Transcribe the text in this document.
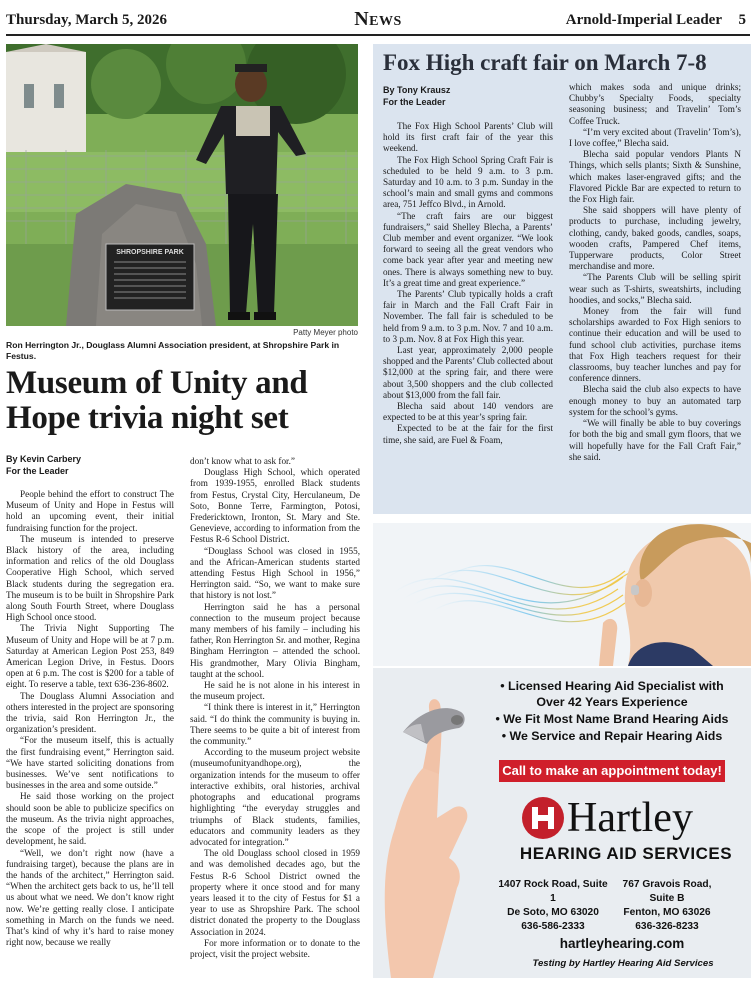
Thursday, March 5, 2026	News	Arnold-Imperial Leader 5
SHROPSHIRE PARK
Patty Meyer photo
Ron Herrington Jr., Douglass Alumni Association president, at Shropshire Park in Festus.
Museum of Unity and Hope trivia night set
By Kevin Carbery
For the Leader

People behind the effort to construct The Museum of Unity and Hope in Festus will hold an upcoming event, their initial fundraising function for the project.

The museum is intended to preserve Black history of the area, including information and relics of the old Douglass Cooperative High School, which served Black students during the segregation era. The museum is to be built in Shropshire Park along South Fourth Street, where Douglass High School once stood.

The Trivia Night Supporting The Museum of Unity and Hope will be at 7 p.m. Saturday at American Legion Post 253, 849 American Legion Drive, in Festus. Doors open at 6 p.m. The cost is $200 for a table of eight. To reserve a table, text 636-236-8602.

The Douglass Alumni Association and others interested in the project are sponsoring the trivia, said Ron Herrington Jr., the organization’s president.

“For the museum itself, this is actually the first fundraising event,” Herrington said. “We have started soliciting donations from businesses. We’ve sent notifications to businesses in the area and some outside.”

He said those working on the project should soon be able to publicize specifics on the museum. As the trivia night approaches, the scope of the project is still under development, he said.

“Well, we don’t right now (have a fundraising target), because the plans are in the hands of the architect,” Herrington said. “When the architect gets back to us, he’ll tell us about what we need. We don’t know right now. We’re getting really close. I anticipate something in March on the funds we need. That’s kind of why it’s hard to raise money right now, because we really

don’t know what to ask for.”

Douglass High School, which operated from 1939-1955, enrolled Black students from Festus, Crystal City, Herculaneum, De Soto, Bonne Terre, Farmington, Potosi, Fredericktown, Ironton, St. Mary and Ste. Genevieve, according to information from the Festus R-6 School District.

“Douglass School was closed in 1955, and the African-American students started attending Festus High School in 1956,” Herrington said. “So, we want to make sure that history is not lost.”

Herrington said he has a personal connection to the museum project because many members of his family – including his father, Ron Herrington Sr. and mother, Regina Bingham Herrington – attended the school. His grandmother, Mary Olivia Bingham, taught at the school.

He said he is not alone in his interest in the museum project.

“I think there is interest in it,” Herrington said. “I do think the community is buying in. There seems to be quite a bit of interest from the community.”

According to the museum project website (museumofunityandhope.org), the organization intends for the museum to offer interactive exhibits, oral histories, archival photographs and educational programs highlighting “the everyday struggles and triumphs of Black students, families, educators and community leaders as they advocated for integration.”

The old Douglass school closed in 1959 and was demolished decades ago, but the Festus R-6 School District owned the property where it once stood and for many years leased it to the city of Festus for $1 a year to use as Shropshire Park. The school district donated the property to the Douglass Association in 2024.

For more information or to donate to the project, visit the project website.

Fox High craft fair on March 7-8
By Tony Krausz
For the Leader

The Fox High School Parents’ Club will hold its first craft fair of the year this weekend.

The Fox High School Spring Craft Fair is scheduled to be held 9 a.m. to 3 p.m. Saturday and 10 a.m. to 3 p.m. Sunday in the school’s main and small gyms and commons area, 751 Jeffco Blvd., in Arnold.

“The craft fairs are our biggest fundraisers,” said Shelley Blecha, a Parents’ Club member and event organizer. “We look forward to seeing all the great vendors who come back year after year and meeting new ones. There is always something new to buy. It’s a great time and great experience.”

The Parents’ Club typically holds a craft fair in March and the Fall Craft Fair in November. The fall fair is scheduled to be held from 9 a.m. to 3 p.m. Nov. 7 and 10 a.m. to 3 p.m. Nov. 8 at Fox High this year.

Last year, approximately 2,000 people shopped and the Parents’ Club collected about $12,000 at the spring fair, and there were about 3,500 shoppers and the club collected about $13,000 from the fall fair.

Blecha said about 140 vendors are expected to be at this year’s spring fair.

Expected to be at the fair for the first time, she said, are Fuel & Foam,

which makes soda and unique drinks; Chubby’s Specialty Foods, specialty seasoning business; and Travelin’ Tom’s Coffee Truck.

“I’m very excited about (Travelin’ Tom’s), I love coffee,” Blecha said.

Blecha said popular vendors Plants N Things, which sells plants; Sixth & Sunshine, which makes laser-engraved gifts; and the Flavored Pickle Bar are expected to return to the Fox High fair.

She said shoppers will have plenty of products to purchase, including jewelry, clothing, candy, baked goods, candles, soaps, wooden crafts, Pampered Chef items, Tupperware products, Color Street merchandise and more.

“The Parents Club will be selling spirit wear such as T-shirts, sweatshirts, including hoodies, and socks,” Blecha said.

Money from the fair will fund scholarships awarded to Fox High seniors to continue their education and will be used to fund school club activities, purchase items that Fox High teachers request for their classrooms, buy teacher lunches and pay for conference dinners.

Blecha said the club also expects to have enough money to buy an automated tarp system for the school’s gyms.

“We will finally be able to buy coverings for both the big and small gym floors, that we will hopefully have for the Fall Craft Fair,” she said.

• Licensed Hearing Aid Specialist with
Over 42 Years Experience
• We Fit Most Name Brand Hearing Aids
• We Service and Repair Hearing Aids
Call to make an appointment today!
Hartley
HEARING AID SERVICES
1407 Rock Road, Suite 1
De Soto, MO 63020
636-586-2333
767 Gravois Road, Suite B
Fenton, MO 63026
636-326-8233
hartleyhearing.com
Testing by Hartley Hearing Aid Services
